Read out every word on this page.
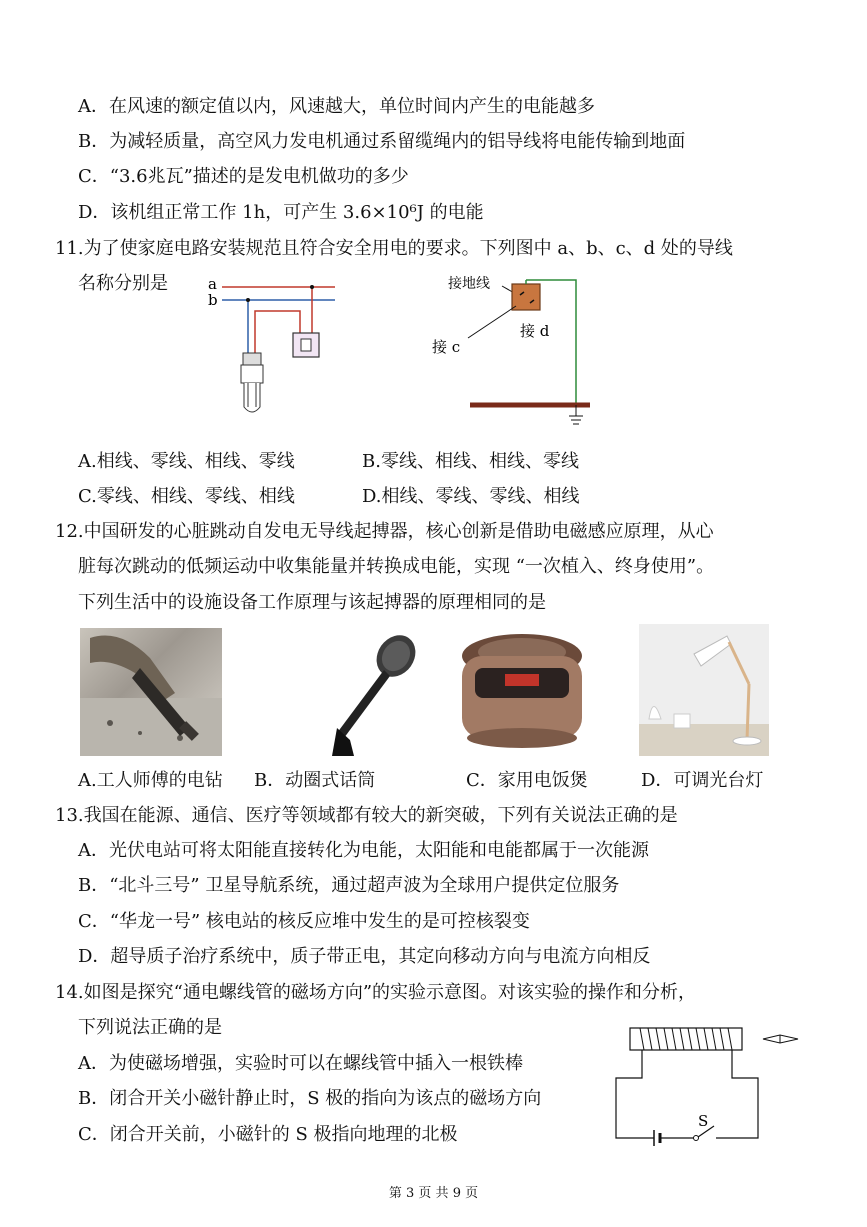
A．在风速的额定值以内，风速越大，单位时间内产生的电能越多
B．为减轻质量，高空风力发电机通过系留缆绳内的铝导线将电能传输到地面
C．“3.6兆瓦”描述的是发电机做功的多少
D．该机组正常工作 1h，可产生 3.6×10⁶J 的电能
11.为了使家庭电路安装规范且符合安全用电的要求。下列图中 a、b、c、d 处的导线
名称分别是	a
b
接地线
接 c
接 d
A.相线、零线、相线、零线	B.零线、相线、相线、零线
C.零线、相线、零线、相线	D.相线、零线、零线、相线
12.中国研发的心脏跳动自发电无导线起搏器，核心创新是借助电磁感应原理，从心
脏每次跳动的低频运动中收集能量并转换成电能，实现 “一次植入、终身使用”。
下列生活中的设施设备工作原理与该起搏器的原理相同的是
A.工人师傅的电钻 B．动圈式话筒	C．家用电饭煲	D．可调光台灯
13.我国在能源、通信、医疗等领域都有较大的新突破，下列有关说法正确的是
A．光伏电站可将太阳能直接转化为电能，太阳能和电能都属于一次能源
B．“北斗三号” 卫星导航系统，通过超声波为全球用户提供定位服务
C．“华龙一号” 核电站的核反应堆中发生的是可控核裂变
D．超导质子治疗系统中，质子带正电，其定向移动方向与电流方向相反
14.如图是探究“通电螺线管的磁场方向”的实验示意图。对该实验的操作和分析，
下列说法正确的是
A．为使磁场增强，实验时可以在螺线管中插入一根铁棒
B．闭合开关小磁针静止时，S 极的指向为该点的磁场方向
C．闭合开关前，小磁针的 S 极指向地理的北极
S
第 3 页 共 9 页
